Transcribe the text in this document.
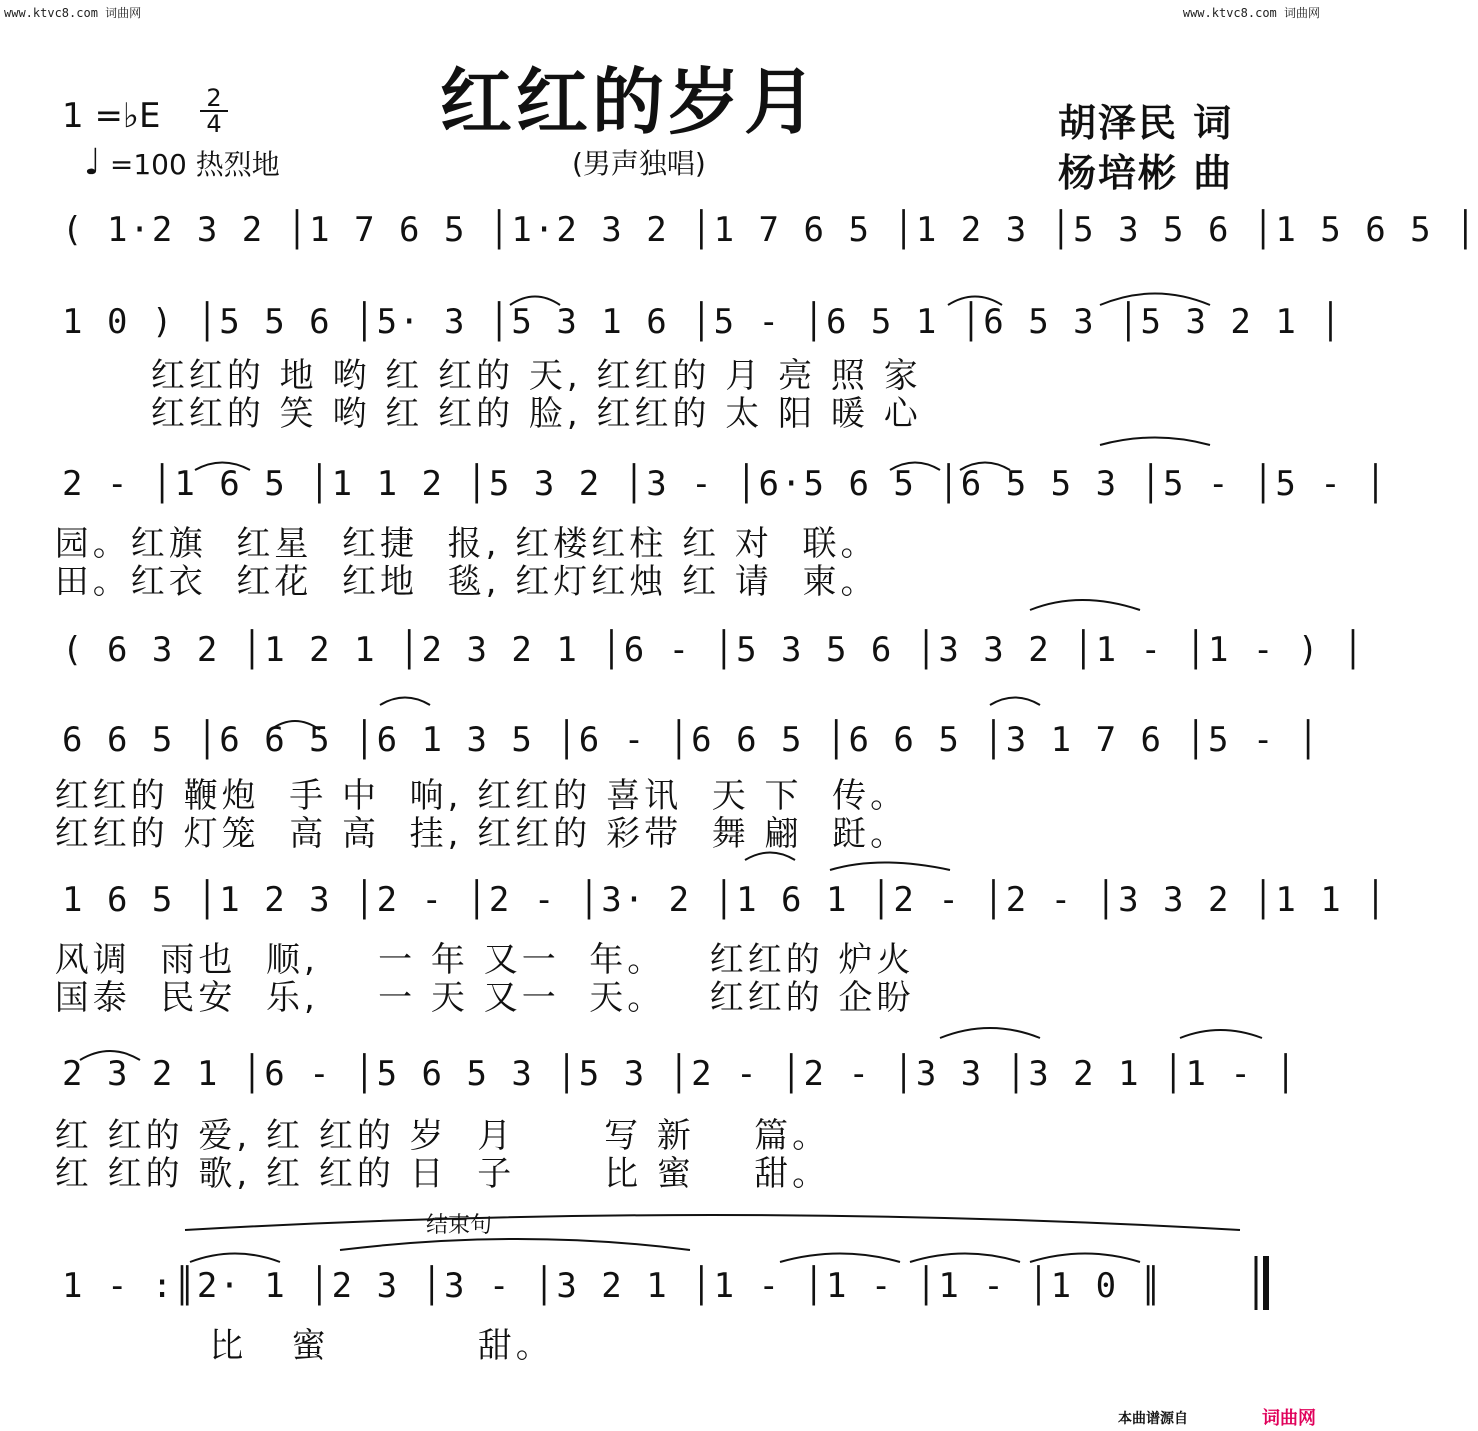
www.ktvc8.com 词曲网	www.ktvc8.com 词曲网
红红的岁月
(男声独唱)
1 =♭E 2
4
♩ =100 热烈地
胡泽民 词
杨培彬 曲
( 1·2 3 2 │1 7 6 5 │1·2 3 2 │1 7 6 5 │1 2 3 │5 3 5 6 │1 5 6 5 │
1 0 ) │5 5 6 │5· 3 │5 3 1 6 │5 - │6 5 1 │6 5 3 │5 3 2 1 │
红红的 地 哟 红 红的 天, 红红的 月 亮 照 家
红红的 笑 哟 红 红的 脸, 红红的 太 阳 暖 心
2 - │1 6 5 │1 1 2 │5 3 2 │3 - │6·5 6 5 │6 5 5 3 │5 - │5 - │
园。红旗  红星  红捷  报, 红楼红柱 红 对  联。
田。红衣  红花  红地  毯, 红灯红烛 红 请  柬。
( 6 3 2 │1 2 1 │2 3 2 1 │6 - │5 3 5 6 │3 3 2 │1 - │1 - ) │
6 6 5 │6 6 5 │6 1 3 5 │6 - │6 6 5 │6 6 5 │3 1 7 6 │5 - │
红红的 鞭炮  手 中  响, 红红的 喜讯  天 下  传。
红红的 灯笼  高 高  挂, 红红的 彩带  舞 翩  跹。
1 6 5 │1 2 3 │2 - │2 - │3· 2 │1 6 1 │2 - │2 - │3 3 2 │1 1 │
风调  雨也  顺,    一 年 又一  年。   红红的 炉火
国泰  民安  乐,    一 天 又一  天。   红红的 企盼
2 3 2 1 │6 - │5 6 5 3 │5 3 │2 - │2 - │3 3 │3 2 1 │1 - │
红 红的 爱, 红 红的 岁  月      写 新    篇。
红 红的 歌, 红 红的 日  子      比 蜜    甜。
结束句
1 - :║2· 1 │2 3 │3 - │3 2 1 │1 - │1 - │1 - │1 0 ║
比   蜜          甜。
本曲谱源自	词曲网
